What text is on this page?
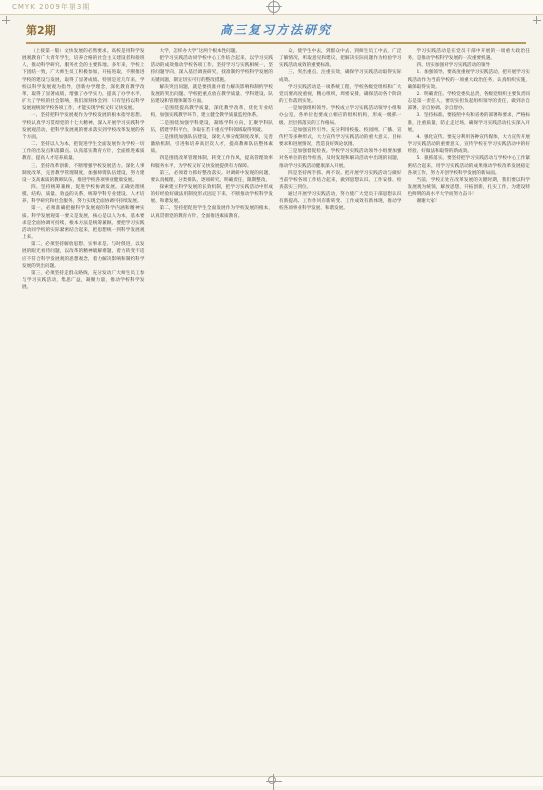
CMYK 2009年第3期
第2期	高三复习方法研究

（上接第一版）文快发展的必然要求。高校是用科学发展观教育广大青年学生，培养合格的社会主义建设者和接班人，推动科学研究、服务社会的主要阵地。多年来，学校上下团结一致，广大师生员工积极参加，开拓进取，不断推进学校的建设与发展，取得了显著成绩。特别是近几年来，学校以科学发展观为指导，创新办学理念，深化教育教学改革，取得了显著成绩，增强了办学实力，提高了办学水平，扩大了学校的社会影响，我们深刻体会到：只有坚持以科学发展观统领学校各项工作，才能实现学校又好又快发展。

一、坚持把科学发展观作为学校发展的根本指导思想。学校认真学习贯彻党的十七大精神，深入开展学习实践科学发展观活动，把科学发展观的要求落实到学校改革发展的各个方面。

二、坚持以人为本，把促进学生全面发展作为学校一切工作的出发点和落脚点。认真落实教育方针，全面推进素质教育，提高人才培养质量。

三、坚持改革创新，不断增强学校发展活力。深化人事制度改革，完善教学管理制度，加强师资队伍建设，努力建设一支高素质的教师队伍，推进学校各项事业健康发展。

四、坚持统筹兼顾，促进学校协调发展。正确处理规模、结构、质量、效益的关系，统筹学科专业建设、人才培养、科学研究和社会服务，努力实现全面协调可持续发展。

第一，必须准确把握科学发展观的科学内涵和精神实质。科学发展观第一要义是发展，核心是以人为本，基本要求是全面协调可持续，根本方法是统筹兼顾。要把学习实践活动同学校的实际紧密结合起来，把思想统一到科学发展观上来。

第二，必须坚持解放思想、实事求是、与时俱进，以发展的眼光看待问题，以改革的精神破解难题，着力转变不适应不符合科学发展观的思想观念，着力解决影响和制约科学发展的突出问题。

第三，必须坚持走群众路线，充分发动广大师生员工参与学习实践活动，集思广益，凝聚力量，推动学校科学发展。

大学，怎样办大学”这两个根本性问题。

把学习实践活动同学校中心工作结合起来，以学习实践活动的成效推动学校各项工作。坚持学习与实践相统一，坚持问题导向，深入基层调查研究，找准制约学校科学发展的关键问题，制定切实可行的整改措施。

解决突出问题，就是要找准并着力解决影响和制约学校发展的突出问题。学校把重点放在教学质量、学科建设、队伍建设和管理体制等方面。

一是围绕提高教学质量，深化教学改革，优化专业结构，加强实践教学环节，建立健全教学质量监控体系。

二是围绕加强学科建设，凝练学科方向，汇聚学科队伍，搭建学科平台，争取在若干重点学科领域取得突破。

三是围绕加强队伍建设，深化人事分配制度改革，完善激励机制，引进和培养高层次人才，提高教师队伍整体素质。

四是围绕改革管理体制，转变工作作风，提高管理效率和服务水平，为学校又好又快发展提供有力保障。

第三，必须着力抓好整改落实。对调研中发现的问题，要认真梳理，分类排队，逐项研究，明确责任，限期整改。

探索建立科学发展的长效机制，把学习实践活动中形成的好经验好做法用制度形式固定下来，不断推动学校科学发展、和谐发展。

第二，坚持把促进学生全面发展作为学校发展的根本，认真贯彻党的教育方针，全面推进素质教育。

众，使学生中去，到群众中去，到师生员工中去，广泛了解情况，听取意见和建议，把解决实际问题作为检验学习实践活动成效的重要标准。

三、突出重点，注重实效，确保学习实践活动取得实际成效。

学习实践活动是一项系统工程，学校各级党组织和广大党员要高度重视，精心组织，周密安排，确保活动各个阶段的工作落到实处。

一是加强组织领导。学校成立学习实践活动领导小组和办公室，各单位也要成立相应的组织机构，形成一级抓一级、层层抓落实的工作格局。

二是加强宣传引导。充分利用校报、校园网、广播、宣传栏等多种形式，大力宣传学习实践活动的重大意义、目标要求和进展情况，营造良好舆论氛围。

三是加强督促检查。学校学习实践活动领导小组要加强对各单位的指导检查，及时发现和解决活动中出现的问题，推动学习实践活动健康深入开展。

四是坚持两手抓、两不误。把开展学习实践活动与做好当前学校各项工作结合起来，做到思想认识、工作安排、检查落实三到位。

通过开展学习实践活动，努力使广大党员干部思想认识有新提高、工作作风有新转变、工作成效有新体现，推动学校各项事业科学发展、和谐发展。

学习实践活动是在党员干部中开展的一项重大政治任务，是推动学校科学发展的一次重要机遇。

四、切实加强对学习实践活动的领导

1．加强领导。要高度重视学习实践活动，把开展学习实践活动作为当前学校的一项重大政治任务，认真组织实施，确保取得实效。

2．明确责任。学校党委负总责，各级党组织主要负责同志是第一责任人，要切实担负起组织领导的责任，做到亲自部署、亲自协调、亲自督办。

3．坚持标准。要按照中央和省委的部署和要求，严格标准，注重质量，防止走过场，确保学习实践活动扎实深入开展。

4．强化宣传。要充分利用各种宣传媒体，大力宣传开展学习实践活动的重要意义，宣传学校在学习实践活动中的好经验、好做法和取得的新成效。

5．狠抓落实。要坚持把学习实践活动与学校中心工作紧密结合起来，用学习实践活动的成果推动学校改革发展稳定各项工作，努力开创学校科学发展的新局面。

当前，学校正处在改革发展的关键时期，我们要以科学发展观为统领，解放思想，开拓创新，扎实工作，为建设特色鲜明的高水平大学而努力奋斗！

谢谢大家！
